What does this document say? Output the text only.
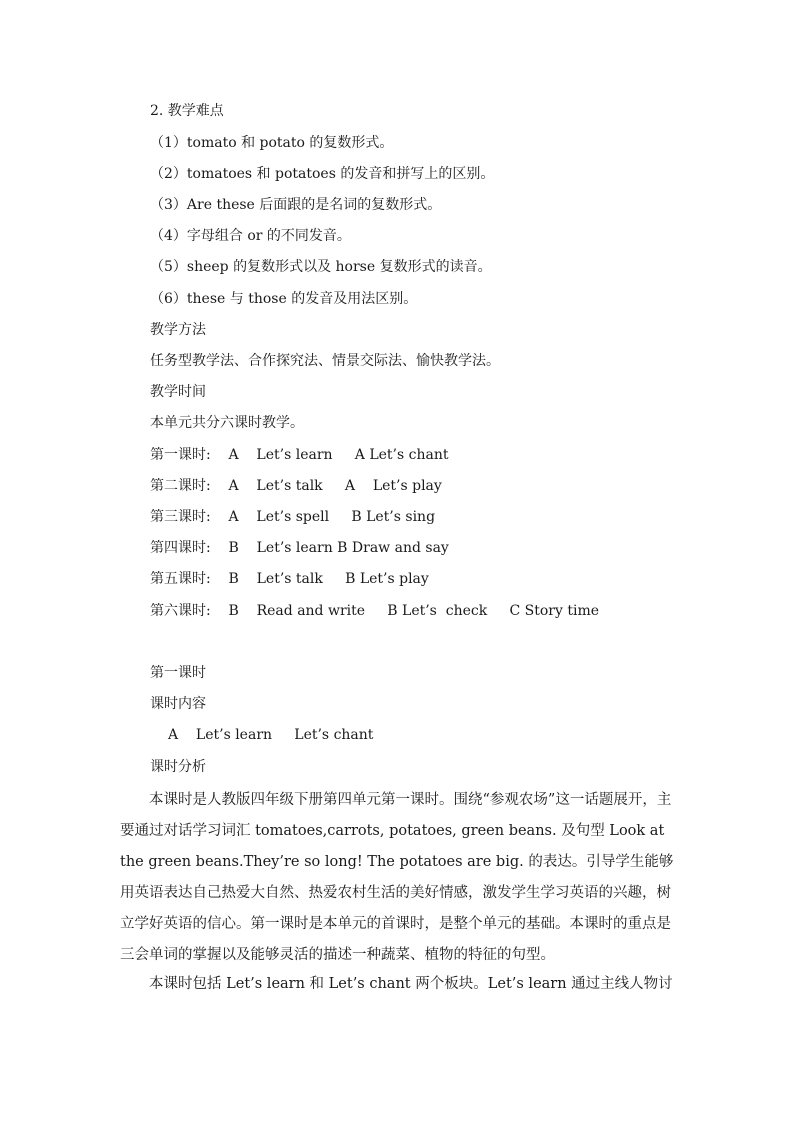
2. 教学难点
（1）tomato 和 potato 的复数形式。
（2）tomatoes 和 potatoes 的发音和拼写上的区别。
（3）Are these 后面跟的是名词的复数形式。
（4）字母组合 or 的不同发音。
（5）sheep 的复数形式以及 horse 复数形式的读音。
（6）these 与 those 的发音及用法区别。
教学方法
任务型教学法、合作探究法、情景交际法、愉快教学法。
教学时间
本单元共分六课时教学。
第一课时:    A    Let’s learn     A Let’s chant
第二课时:    A    Let’s talk     A    Let’s play
第三课时:    A    Let’s spell     B Let’s sing
第四课时:    B    Let’s learn B Draw and say
第五课时:    B    Let’s talk     B Let’s play
第六课时:    B    Read and write     B Let’s  check     C Story time
第一课时
课时内容
A    Let’s learn     Let’s chant
课时分析
本课时是人教版四年级下册第四单元第一课时。围绕“参观农场”这一话题展开，主要通过对话学习词汇 tomatoes,carrots, potatoes, green beans. 及句型 Look at the green beans.They’re so long! The potatoes are big. 的表达。引导学生能够用英语表达自己热爱大自然、热爱农村生活的美好情感，激发学生学习英语的兴趣，树立学好英语的信心。第一课时是本单元的首课时，是整个单元的基础。本课时的重点是三会单词的掌握以及能够灵活的描述一种蔬菜、植物的特征的句型。
本课时包括 Let’s learn 和 Let’s chant 两个板块。Let’s learn 通过主线人物讨
